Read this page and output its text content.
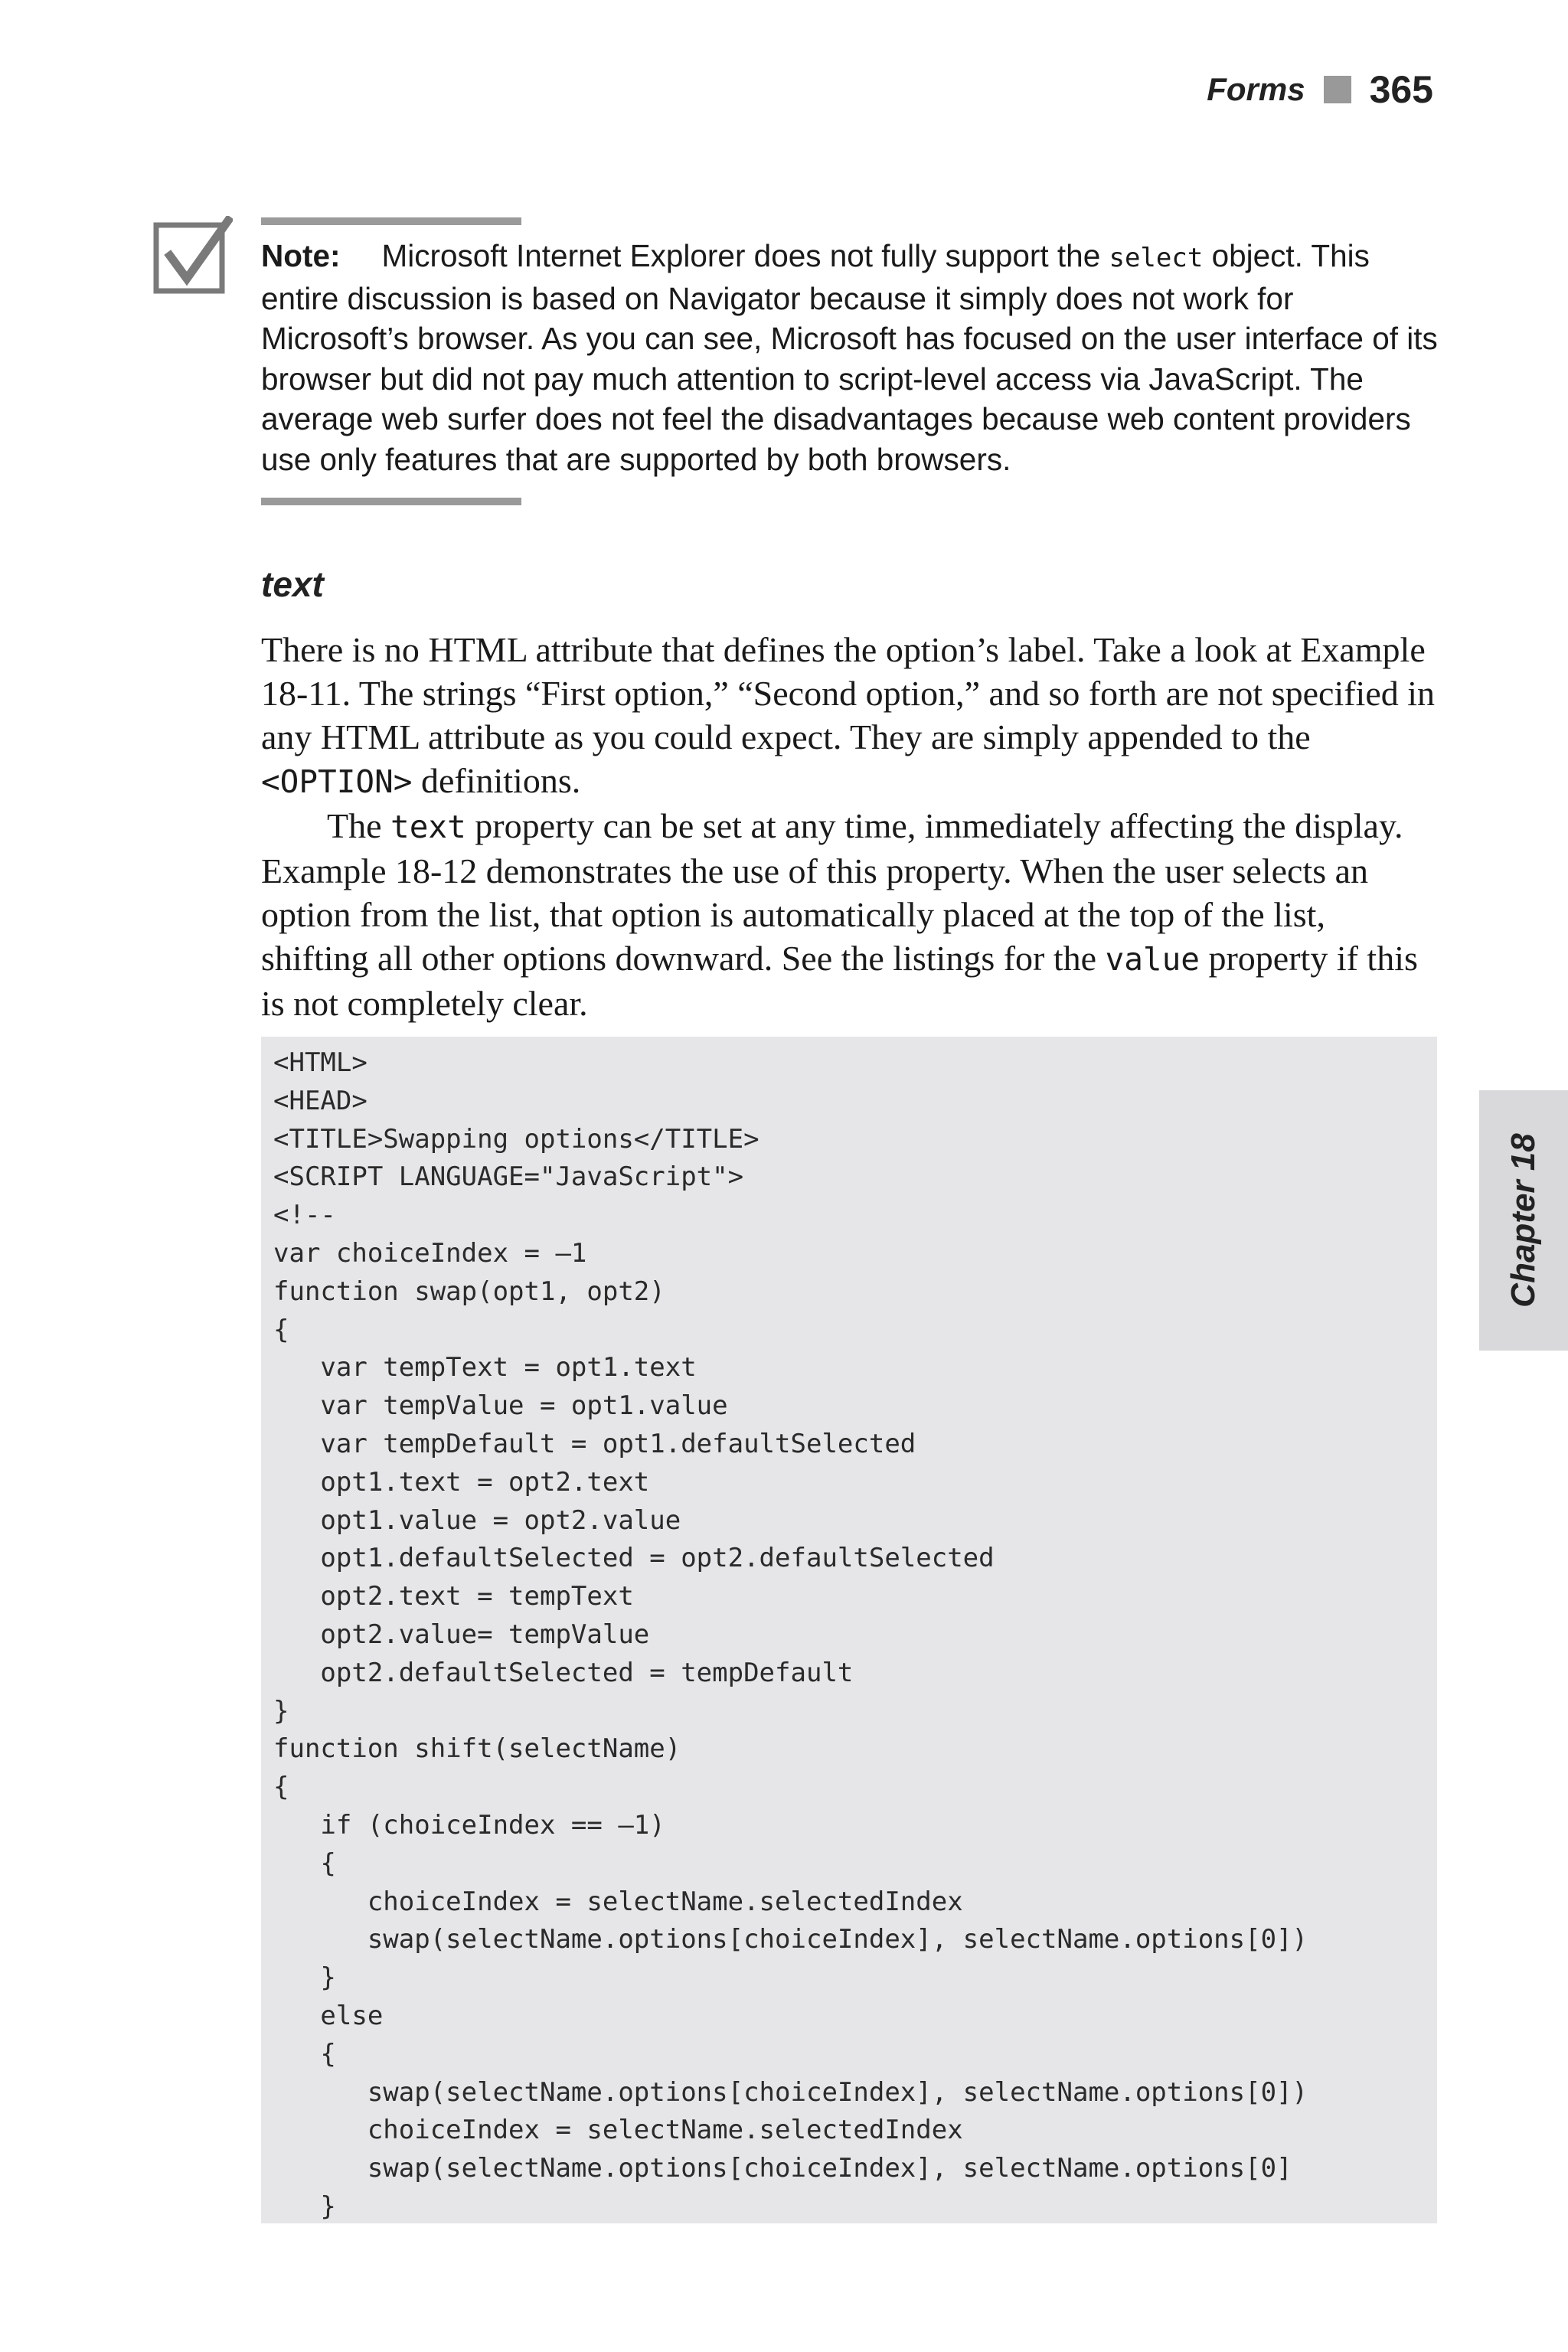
Forms 365
Note: Microsoft Internet Explorer does not fully support the select object. This entire discussion is based on Navigator because it simply does not work for Microsoft’s browser. As you can see, Microsoft has focused on the user interface of its browser but did not pay much attention to script-level access via JavaScript. The average web surfer does not feel the disadvantages because web content providers use only features that are supported by both browsers.
text

There is no HTML attribute that defines the option’s label. Take a look at Example 18-11. The strings “First option,” “Second option,” and so forth are not specified in any HTML attribute as you could expect. They are simply appended to the <OPTION> definitions.

The text property can be set at any time, immediately affecting the display. Example 18-12 demonstrates the use of this property. When the user selects an option from the list, that option is automatically placed at the top of the list, shifting all other options downward. See the listings for the value property if this is not completely clear.

<HTML>
<HEAD>
<TITLE>Swapping options</TITLE>
<SCRIPT LANGUAGE="JavaScript">
<!--
var choiceIndex = –1
function swap(opt1, opt2)
{
var tempText = opt1.text
var tempValue = opt1.value
var tempDefault = opt1.defaultSelected
opt1.text = opt2.text
opt1.value = opt2.value
opt1.defaultSelected = opt2.defaultSelected
opt2.text = tempText
opt2.value= tempValue
opt2.defaultSelected = tempDefault
}
function shift(selectName)
{
if (choiceIndex == –1)
{
choiceIndex = selectName.selectedIndex
swap(selectName.options[choiceIndex], selectName.options[0])
}
else
{
swap(selectName.options[choiceIndex], selectName.options[0])
choiceIndex = selectName.selectedIndex
swap(selectName.options[choiceIndex], selectName.options[0]
}
Chapter 18
